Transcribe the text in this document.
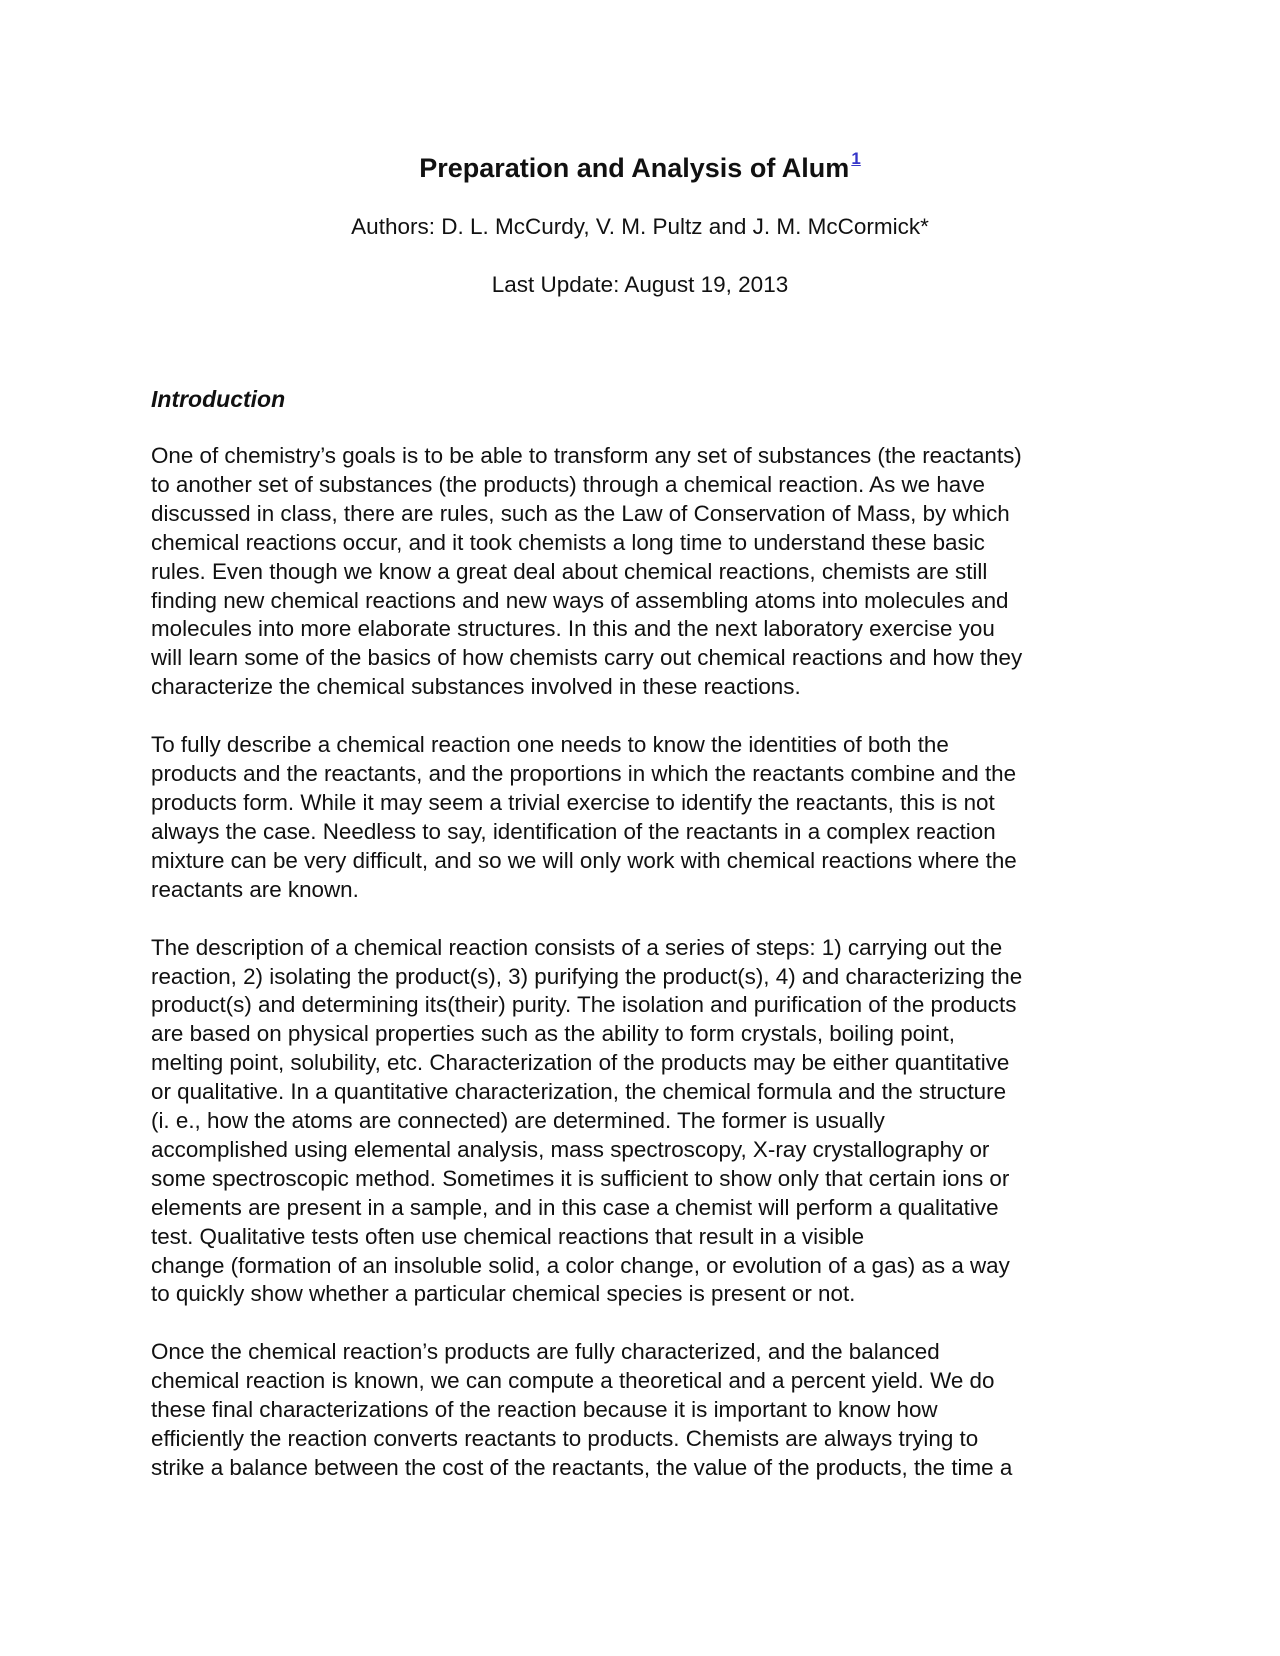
Preparation and Analysis of Alum $^1$

Authors: D. L. McCurdy, V. M. Pultz and J. M. McCormick*

Last Update: August 19, 2013

Introduction

One of chemistry’s goals is to be able to transform any set of substances (the reactants)
to another set of substances (the products) through a chemical reaction. As we have
discussed in class, there are rules, such as the Law of Conservation of Mass, by which
chemical reactions occur, and it took chemists a long time to understand these basic
rules. Even though we know a great deal about chemical reactions, chemists are still
finding new chemical reactions and new ways of assembling atoms into molecules and
molecules into more elaborate structures. In this and the next laboratory exercise you
will learn some of the basics of how chemists carry out chemical reactions and how they
characterize the chemical substances involved in these reactions.

To fully describe a chemical reaction one needs to know the identities of both the
products and the reactants, and the proportions in which the reactants combine and the
products form. While it may seem a trivial exercise to identify the reactants, this is not
always the case. Needless to say, identification of the reactants in a complex reaction
mixture can be very difficult, and so we will only work with chemical reactions where the
reactants are known.

The description of a chemical reaction consists of a series of steps: 1) carrying out the
reaction, 2) isolating the product(s), 3) purifying the product(s), 4) and characterizing the
product(s) and determining its(their) purity. The isolation and purification of the products
are based on physical properties such as the ability to form crystals, boiling point,
melting point, solubility, etc. Characterization of the products may be either quantitative
or qualitative. In a quantitative characterization, the chemical formula and the structure
(i. e., how the atoms are connected) are determined. The former is usually
accomplished using elemental analysis, mass spectroscopy, X-ray crystallography or
some spectroscopic method. Sometimes it is sufficient to show only that certain ions or
elements are present in a sample, and in this case a chemist will perform a qualitative
test. Qualitative tests often use chemical reactions that result in a visible
change (formation of an insoluble solid, a color change, or evolution of a gas) as a way
to quickly show whether a particular chemical species is present or not.

Once the chemical reaction’s products are fully characterized, and the balanced
chemical reaction is known, we can compute a theoretical and a percent yield. We do
these final characterizations of the reaction because it is important to know how
efficiently the reaction converts reactants to products. Chemists are always trying to
strike a balance between the cost of the reactants, the value of the products, the time a
